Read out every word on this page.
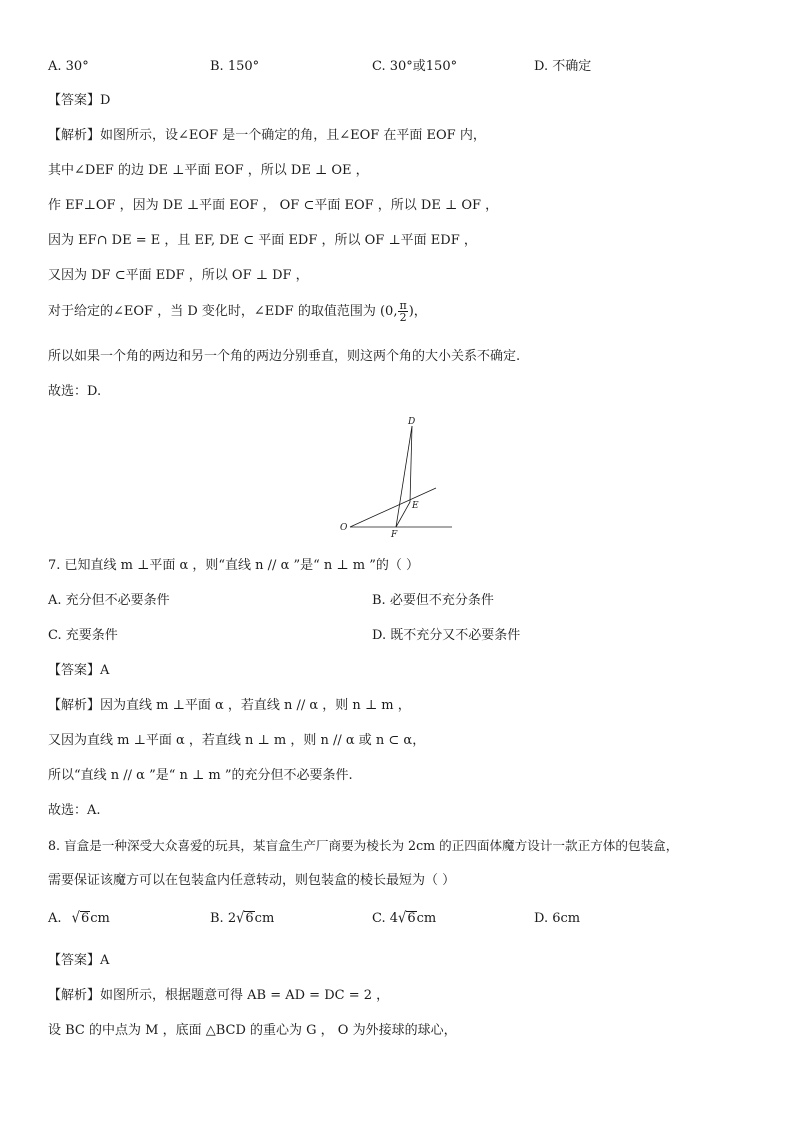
A. 30°	B. 150°	C. 30°或150°	D. 不确定
【答案】D
【解析】如图所示，设∠EOF 是一个确定的角，且∠EOF 在平面 EOF 内，
其中∠DEF 的边 DE ⊥平面 EOF ，所以 DE ⊥ OE ，
作 EF⊥OF ，因为 DE ⊥平面 EOF ， OF ⊂平面 EOF ，所以 DE ⊥ OF ，
因为 EF∩ DE = E ，且 EF, DE ⊂ 平面 EDF ，所以 OF ⊥平面 EDF ，
又因为 DF ⊂平面 EDF ，所以 OF ⊥ DF ，
对于给定的∠EOF ，当 D 变化时，∠EDF 的取值范围为 (0, $\frac{\pi}{2}$ )，
所以如果一个角的两边和另一个角的两边分别垂直，则这两个角的大小关系不确定.
故选：D.
D
E
O
F
7. 已知直线 m ⊥平面 α ，则“直线 n // α ”是“ n ⊥ m ”的（ ）
A. 充分但不必要条件	B. 必要但不充分条件
C. 充要条件	D. 既不充分又不必要条件
【答案】A
【解析】因为直线 m ⊥平面 α ，若直线 n // α ，则 n ⊥ m ，
又因为直线 m ⊥平面 α ，若直线 n ⊥ m ，则 n // α 或 n ⊂ α，
所以“直线 n // α ”是“ n ⊥ m ”的充分但不必要条件.
故选：A.
8. 盲盒是一种深受大众喜爱的玩具，某盲盒生产厂商要为棱长为 2cm 的正四面体魔方设计一款正方体的包装盒，
需要保证该魔方可以在包装盒内任意转动，则包装盒的棱长最短为（ ）
A. √6cm	B. 2√6cm	C. 4√6cm	D. 6cm
【答案】A
【解析】如图所示，根据题意可得 AB = AD = DC = 2 ，
设 BC 的中点为 M ，底面 △BCD 的重心为 G ， O 为外接球的球心，
